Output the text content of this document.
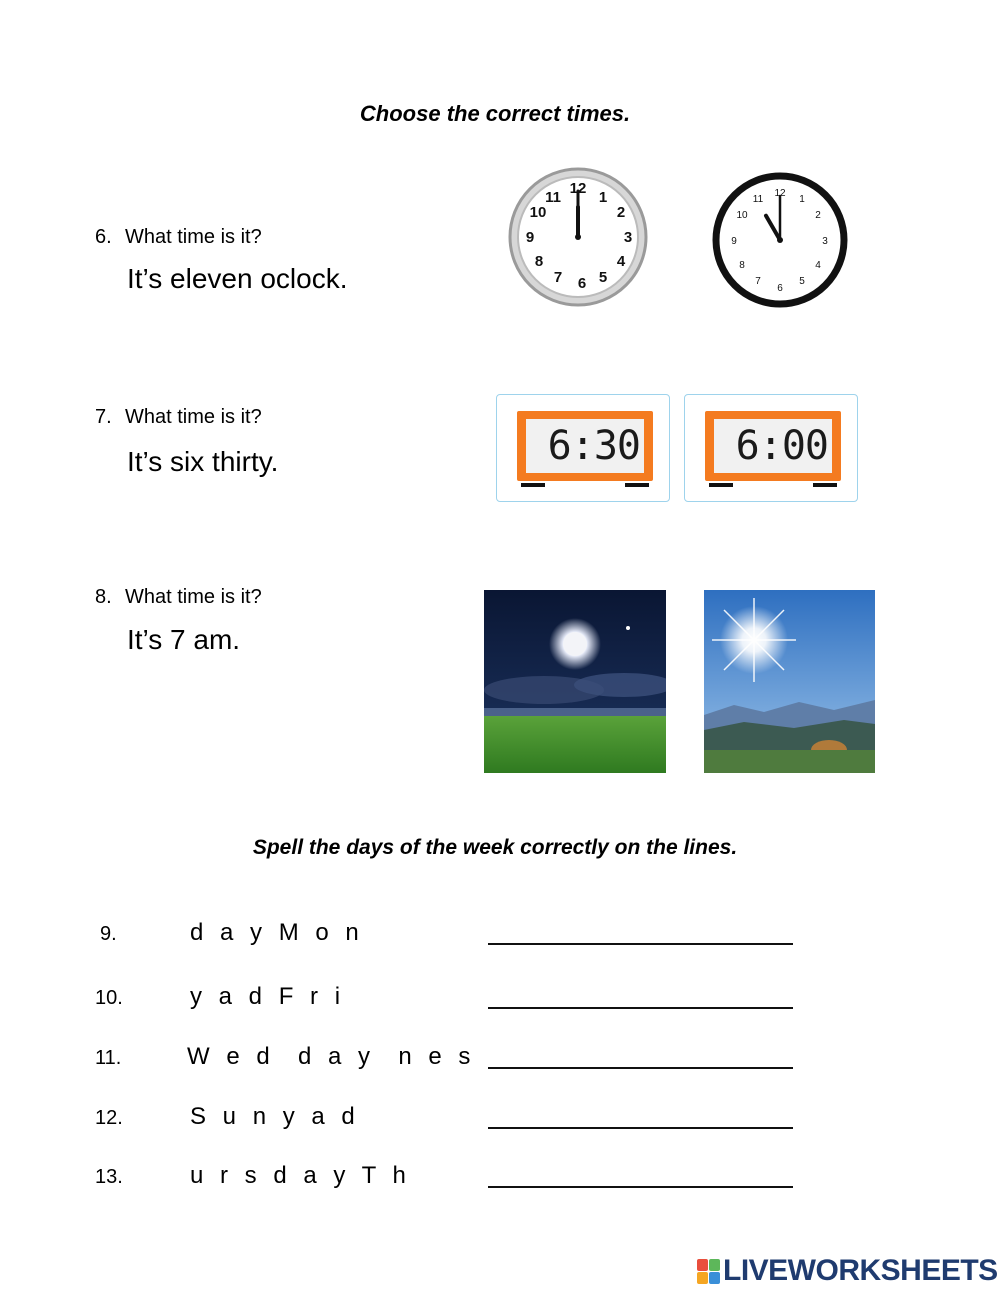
Choose the correct times.
6. What time is it?
It’s eleven oclock.
12
1
2
3
4
5
6
7
8
9
10
11	12
1
2
3
4
5
6
7
8
9
10
11
7. What time is it?
It’s six thirty.	6:30	6:00
8. What time is it?
It’s 7 am.
Spell the days of the week correctly on the lines.
9.	d a y M o n
10.	y a d F r i
11.	W e d  d a y  n e s
12.	S u n y a d
13.	u r s d a y T h
LIVEWORKSHEETS
